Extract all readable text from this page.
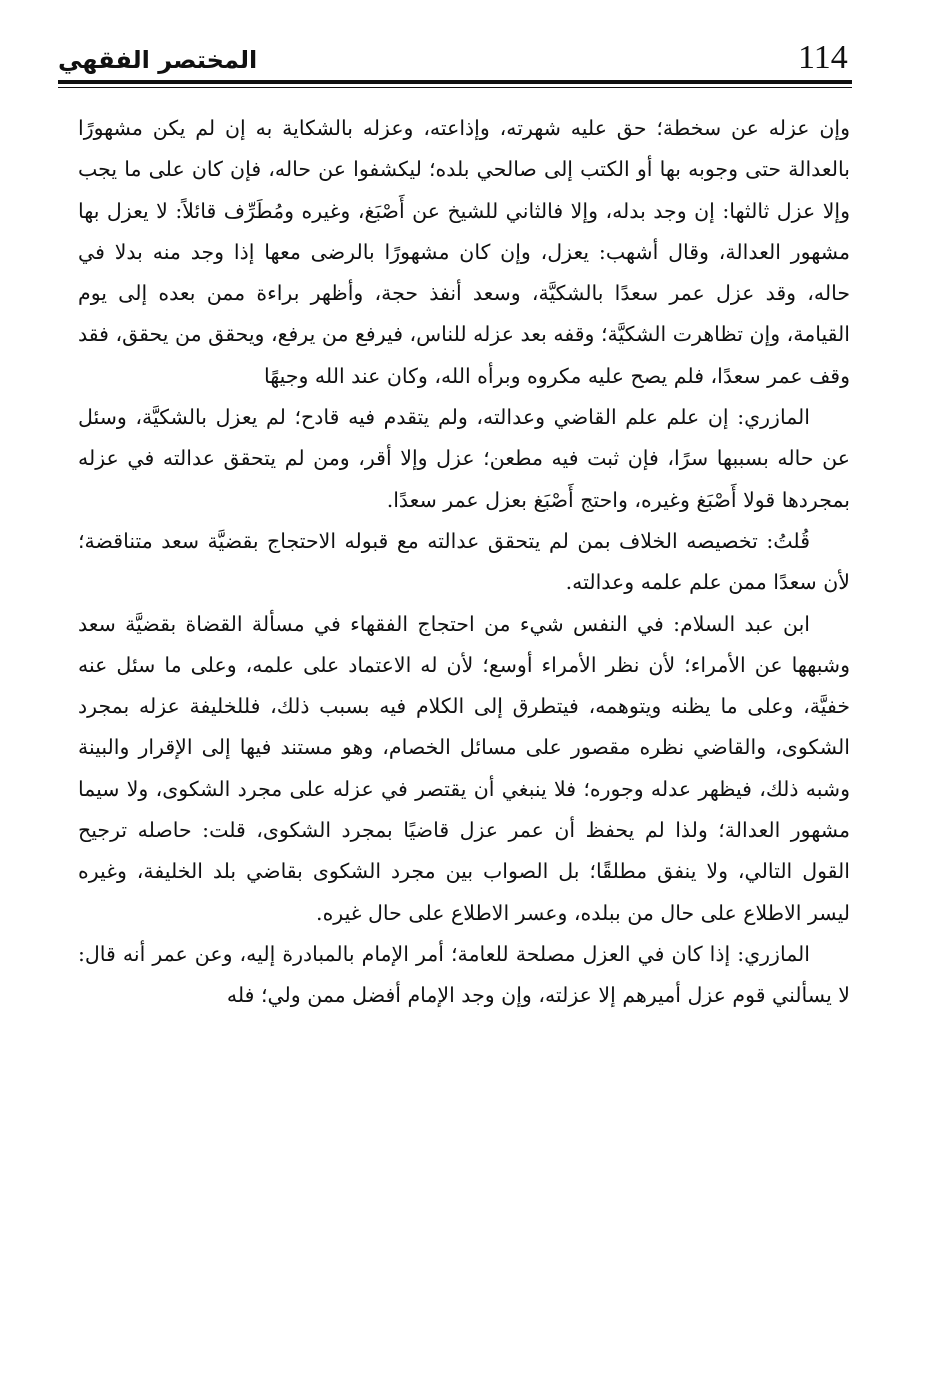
114
المختصر الفقهي

وإن عزله عن سخطة؛ حق عليه شهرته، وإذاعته، وعزله بالشكاية به إن لم يكن مشهورًا بالعدالة حتى وجوبه بها أو الكتب إلى صالحي بلده؛ ليكشفوا عن حاله، فإن كان على ما يجب وإلا عزل ثالثها: إن وجد بدله، وإلا فالثاني للشيخ عن أَصْبَغ، وغيره ومُطَرِّف قائلاً: لا يعزل بها مشهور العدالة، وقال أشهب: يعزل، وإن كان مشهورًا بالرضى معها إذا وجد منه بدلا في حاله، وقد عزل عمر سعدًا بالشكيَّة، وسعد أنفذ حجة، وأظهر براءة ممن بعده إلى يوم القيامة، وإن تظاهرت الشكيَّة؛ وقفه بعد عزله للناس، فيرفع من يرفع، ويحقق من يحقق، فقد وقف عمر سعدًا، فلم يصح عليه مكروه وبرأه الله، وكان عند الله وجيهًا

المازري: إن علم علم القاضي وعدالته، ولم يتقدم فيه قادح؛ لم يعزل بالشكيَّة، وسئل عن حاله بسببها سرًا، فإن ثبت فيه مطعن؛ عزل وإلا أقر، ومن لم يتحقق عدالته في عزله بمجردها قولا أَصْبَغ وغيره، واحتج أَصْبَغ بعزل عمر سعدًا.

قُلتُ: تخصيصه الخلاف بمن لم يتحقق عدالته مع قبوله الاحتجاج بقضيَّة سعد متناقضة؛ لأن سعدًا ممن علم علمه وعدالته.

ابن عبد السلام: في النفس شيء من احتجاج الفقهاء في مسألة القضاة بقضيَّة سعد وشبهها عن الأمراء؛ لأن نظر الأمراء أوسع؛ لأن له الاعتماد على علمه، وعلى ما سئل عنه خفيَّة، وعلى ما يظنه ويتوهمه، فيتطرق إلى الكلام فيه بسبب ذلك، فللخليفة عزله بمجرد الشكوى، والقاضي نظره مقصور على مسائل الخصام، وهو مستند فيها إلى الإقرار والبينة وشبه ذلك، فيظهر عدله وجوره؛ فلا ينبغي أن يقتصر في عزله على مجرد الشكوى، ولا سيما مشهور العدالة؛ ولذا لم يحفظ أن عمر عزل قاضيًا بمجرد الشكوى، قلت: حاصله ترجيح القول التالي، ولا ينفق مطلقًا؛ بل الصواب بين مجرد الشكوى بقاضي بلد الخليفة، وغيره ليسر الاطلاع على حال من ببلده، وعسر الاطلاع على حال غيره.

المازري: إذا كان في العزل مصلحة للعامة؛ أمر الإمام بالمبادرة إليه، وعن عمر أنه قال: لا يسألني قوم عزل أميرهم إلا عزلته، وإن وجد الإمام أفضل ممن ولي؛ فله
